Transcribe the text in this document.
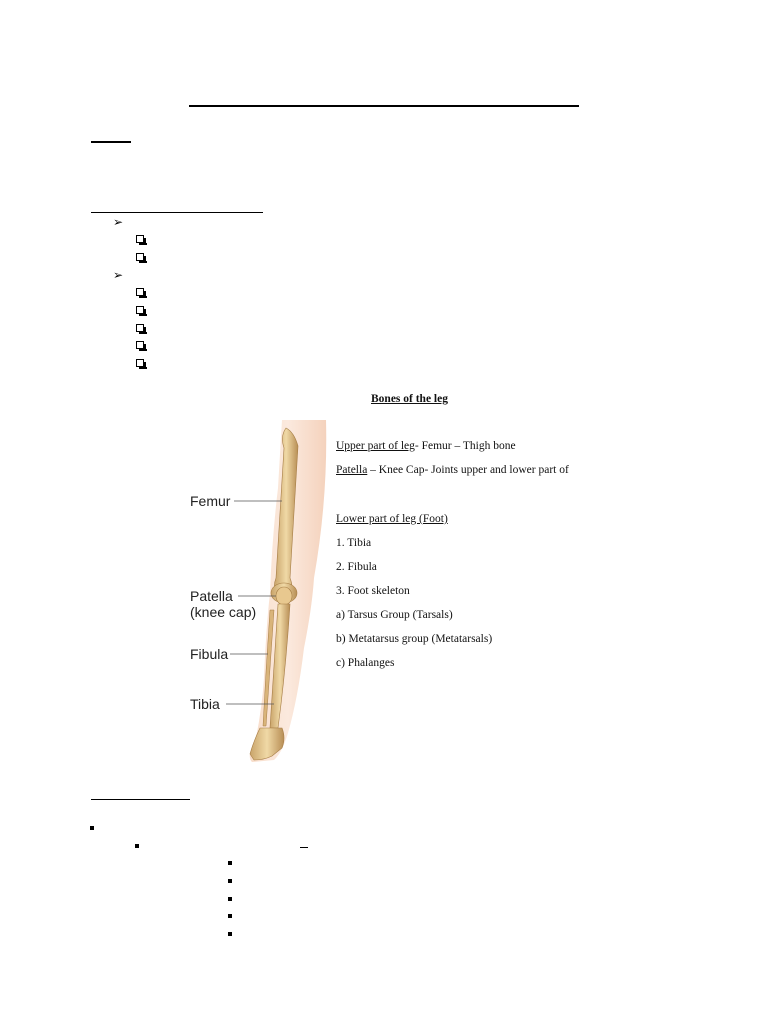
➢
➢
Femur
Patella
(knee cap)
Fibula
Tibia
Bones of the leg
Upper part of leg- Femur – Thigh bone
Patella – Knee Cap- Joints upper and lower part of
Lower part of leg (Foot)
1. Tibia
2. Fibula
3. Foot skeleton
a) Tarsus Group (Tarsals)
b) Metatarsus group (Metatarsals)
c) Phalanges
